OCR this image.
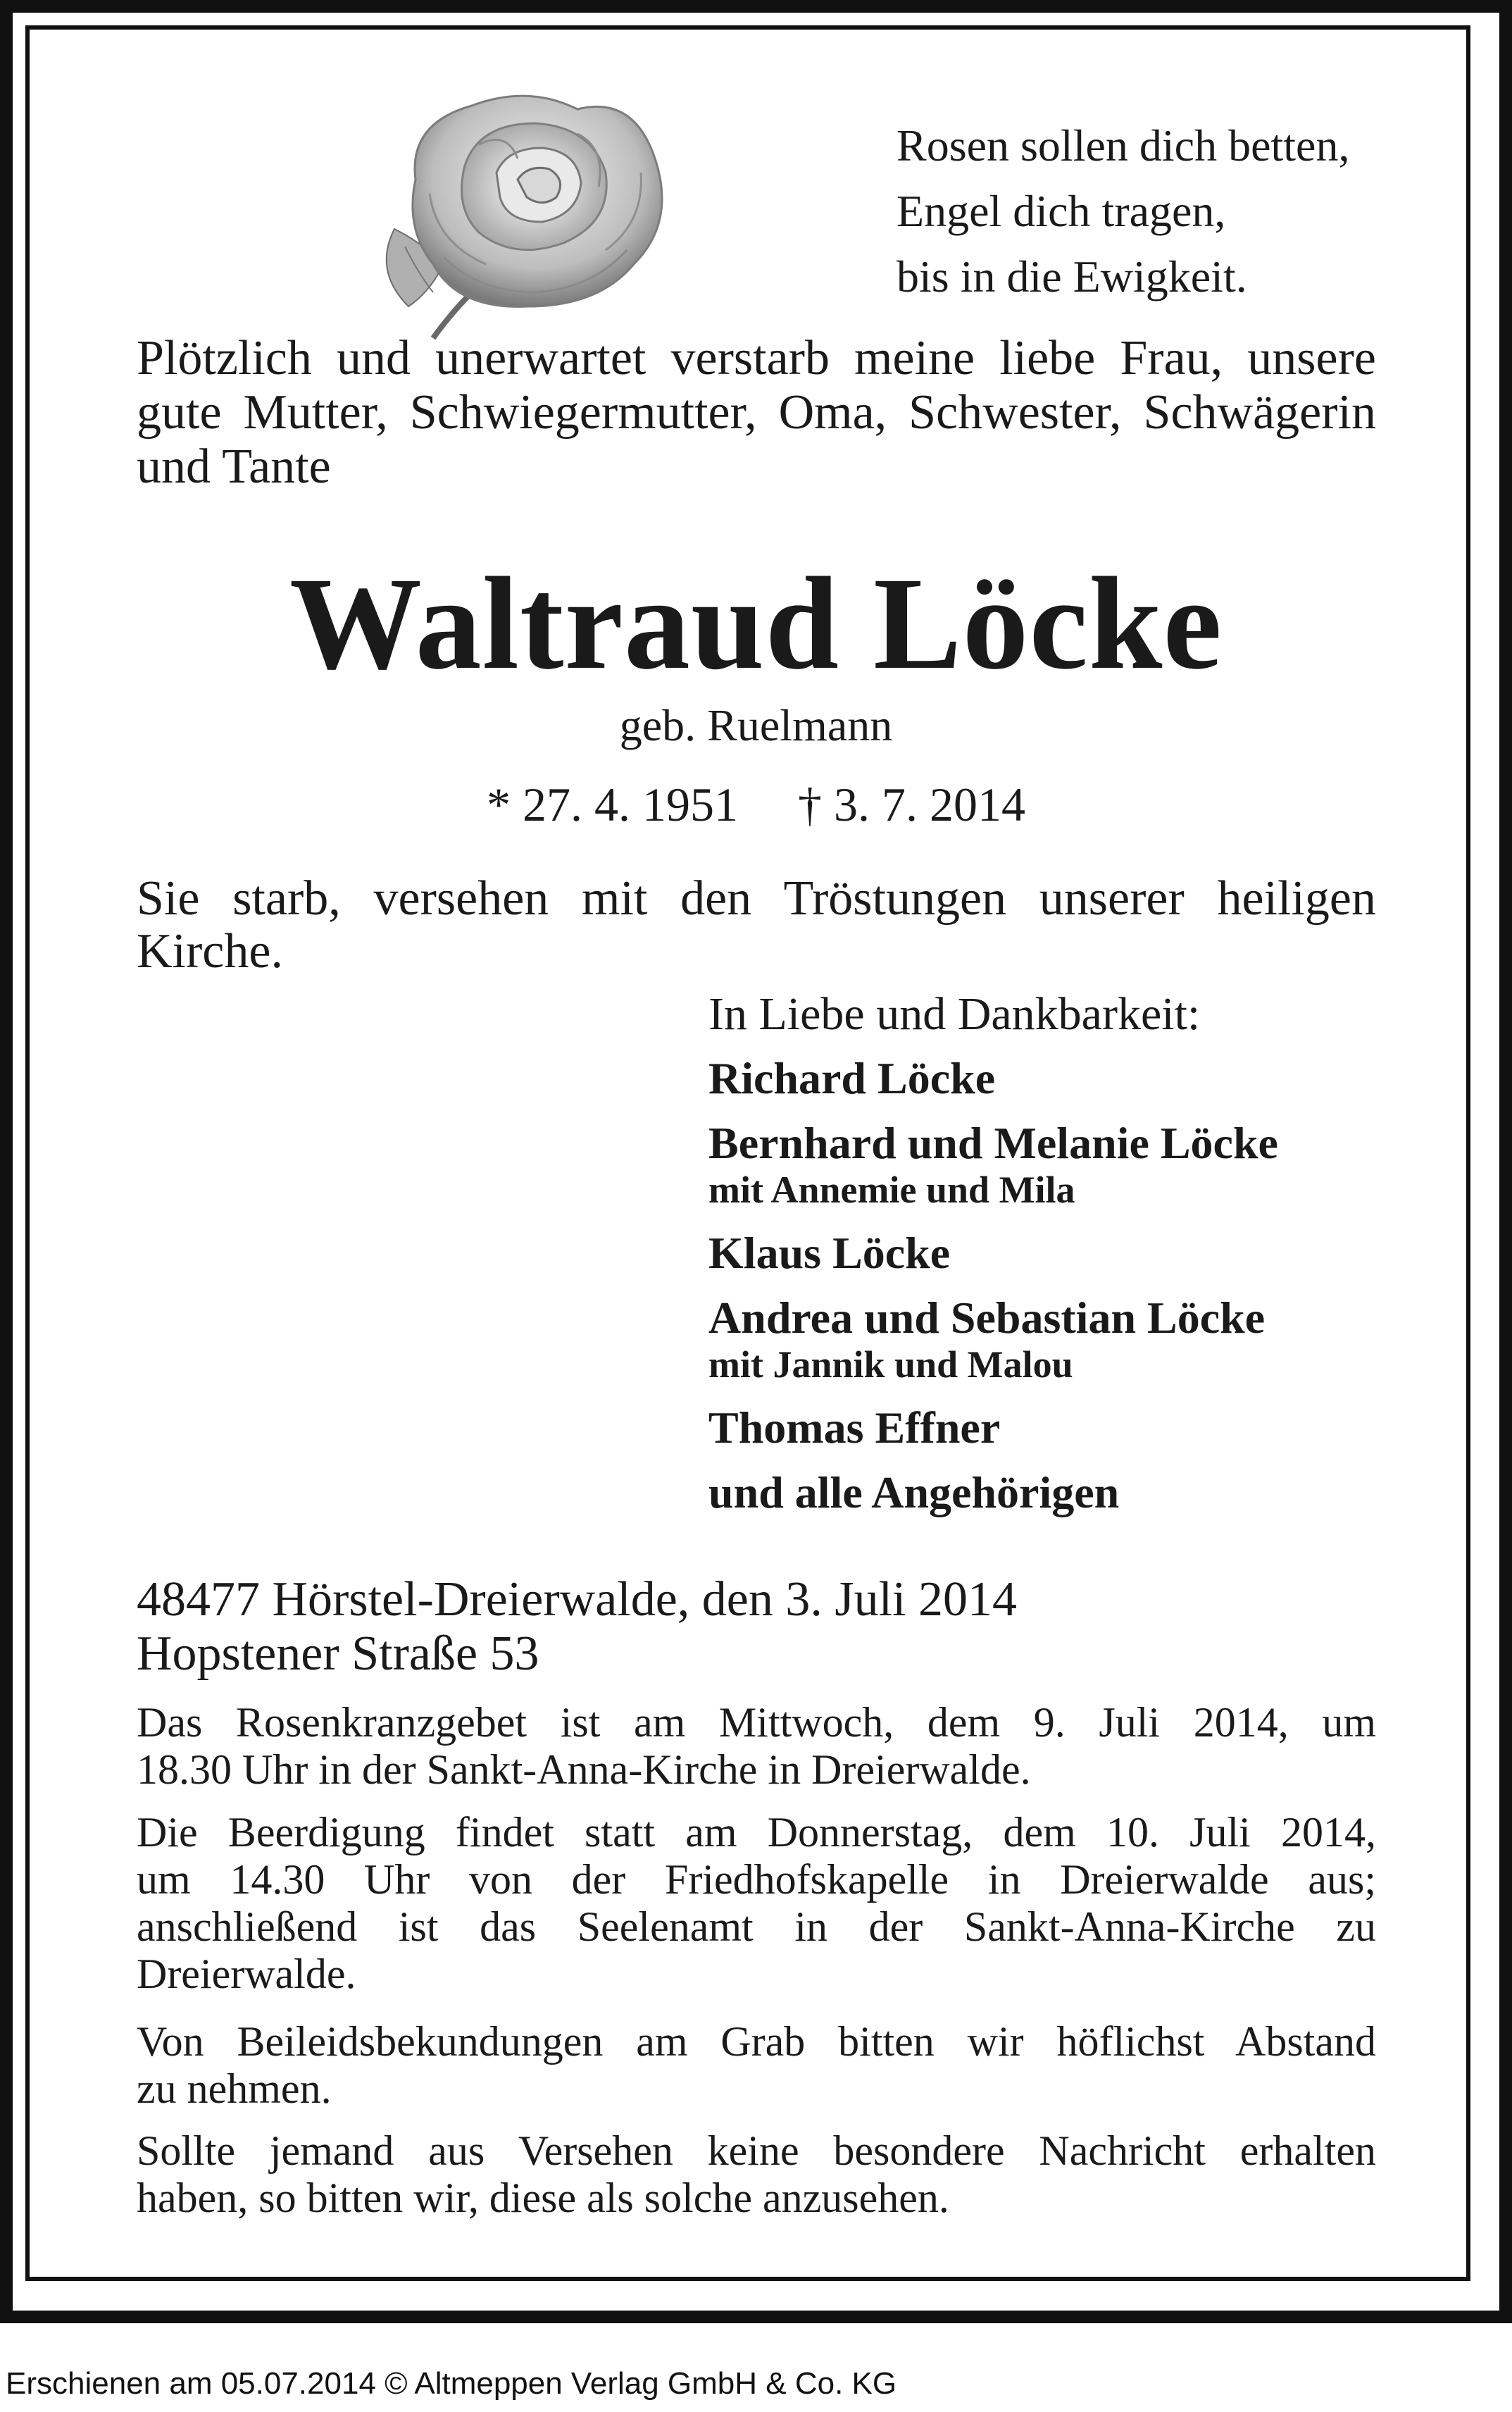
Rosen sollen dich betten,
Engel dich tragen,
bis in die Ewigkeit.
Plötzlich und unerwartet verstarb meine liebe Frau, unsere
gute Mutter, Schwiegermutter, Oma, Schwester, Schwägerin
und Tante
Waltraud Löcke
geb. Ruelmann
* 27. 4. 1951     † 3. 7. 2014
Sie starb, versehen mit den Tröstungen unserer heiligen
Kirche.
In Liebe und Dankbarkeit:
Richard Löcke
Bernhard und Melanie Löcke
mit Annemie und Mila
Klaus Löcke
Andrea und Sebastian Löcke
mit Jannik und Malou
Thomas Effner
und alle Angehörigen
48477 Hörstel-Dreierwalde, den 3. Juli 2014
Hopstener Straße 53
Das Rosenkranzgebet ist am Mittwoch, dem 9. Juli 2014, um
18.30 Uhr in der Sankt-Anna-Kirche in Dreierwalde.
Die Beerdigung findet statt am Donnerstag, dem 10. Juli 2014,
um 14.30 Uhr von der Friedhofskapelle in Dreierwalde aus;
anschließend ist das Seelenamt in der Sankt-Anna-Kirche zu
Dreierwalde.
Von Beileidsbekundungen am Grab bitten wir höflichst Abstand
zu nehmen.
Sollte jemand aus Versehen keine besondere Nachricht erhalten
haben, so bitten wir, diese als solche anzusehen.
Erschienen am 05.07.2014 © Altmeppen Verlag GmbH & Co. KG
